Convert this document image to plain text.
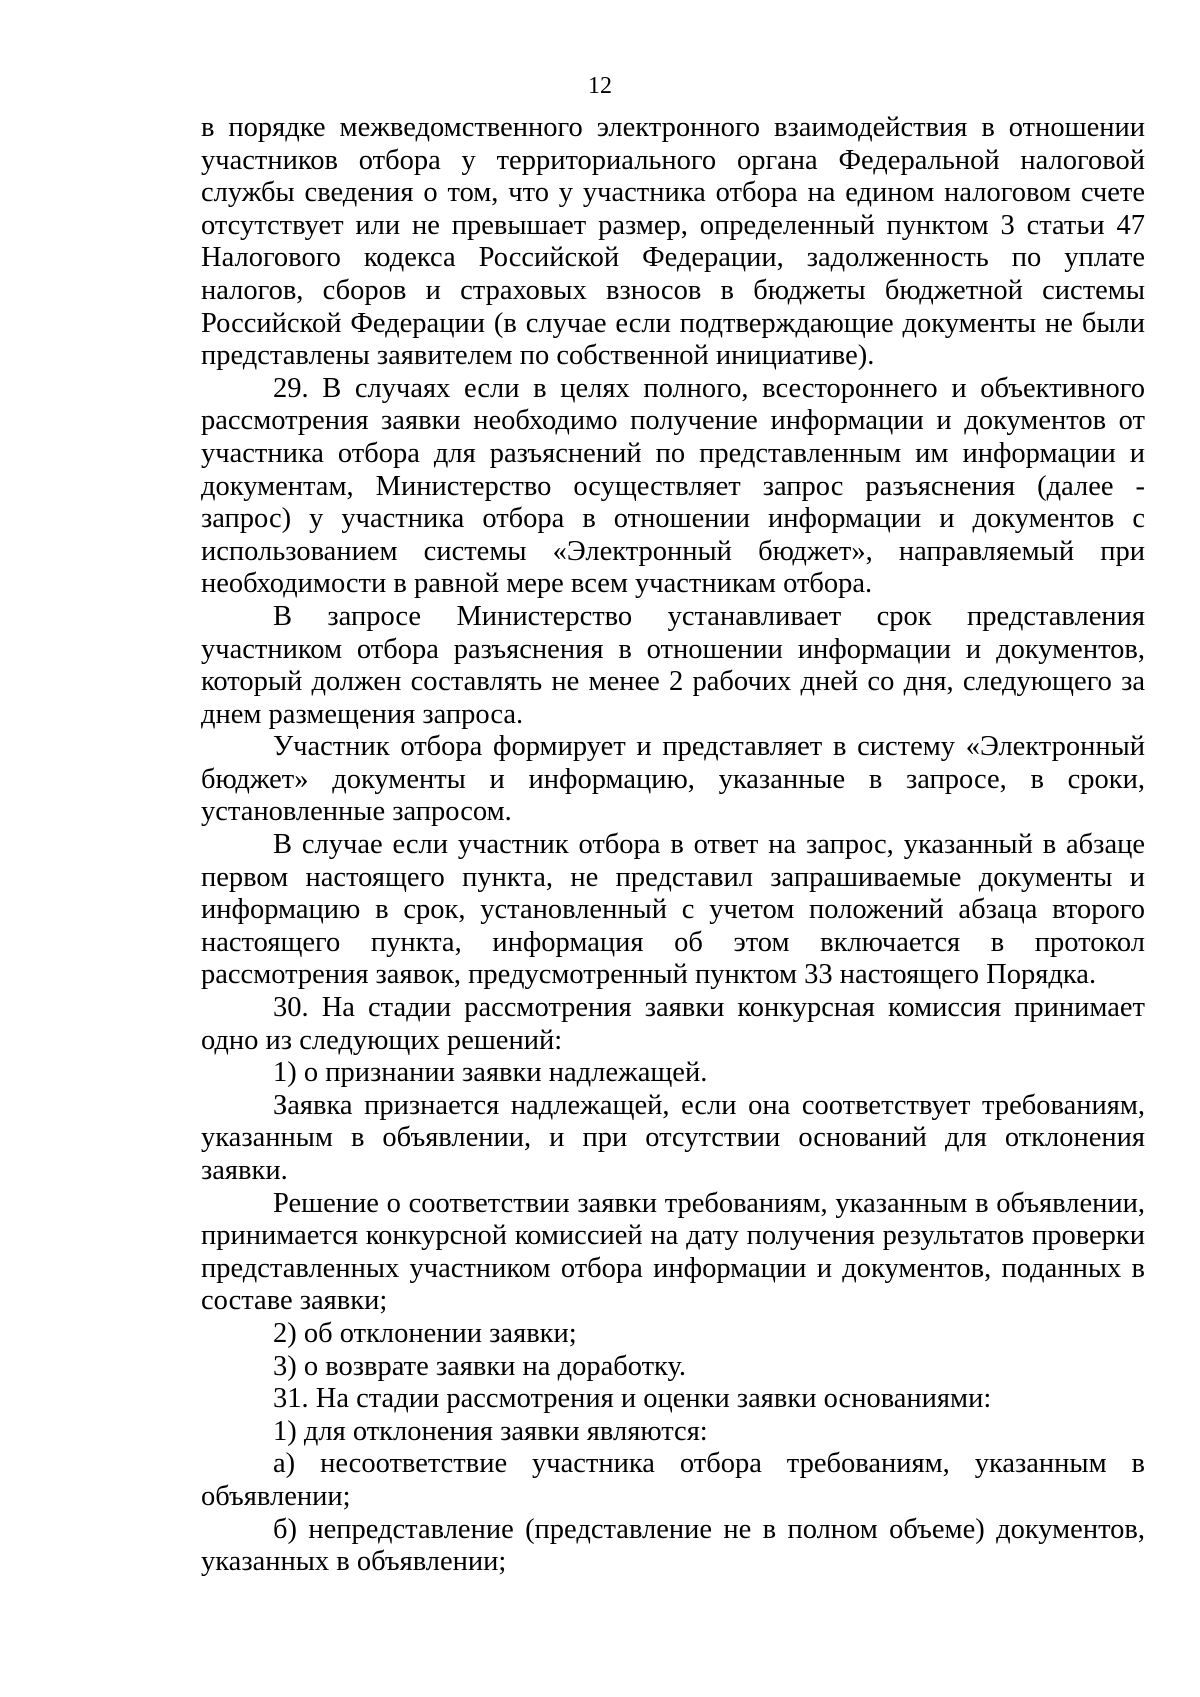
12

в порядке межведомственного электронного взаимодействия в отношении участников отбора у территориального органа Федеральной налоговой службы сведения о том, что у участника отбора на едином налоговом счете отсутствует или не превышает размер, определенный пунктом 3 статьи 47 Налогового кодекса Российской Федерации, задолженность по уплате налогов, сборов и страховых взносов в бюджеты бюджетной системы Российской Федерации (в случае если подтверждающие документы не были представлены заявителем по собственной инициативе).

29. В случаях если в целях полного, всестороннего и объективного рассмотрения заявки необходимо получение информации и документов от участника отбора для разъяснений по представленным им информации и документам, Министерство осуществляет запрос разъяснения (далее - запрос) у участника отбора в отношении информации и документов с использованием системы «Электронный бюджет», направляемый при необходимости в равной мере всем участникам отбора.

В запросе Министерство устанавливает срок представления участником отбора разъяснения в отношении информации и документов, который должен составлять не менее 2 рабочих дней со дня, следующего за днем размещения запроса.

Участник отбора формирует и представляет в систему «Электронный бюджет» документы и информацию, указанные в запросе, в сроки, установленные запросом.

В случае если участник отбора в ответ на запрос, указанный в абзаце первом настоящего пункта, не представил запрашиваемые документы и информацию в срок, установленный с учетом положений абзаца второго настоящего пункта, информация об этом включается в протокол рассмотрения заявок, предусмотренный пунктом 33 настоящего Порядка.

30. На стадии рассмотрения заявки конкурсная комиссия принимает одно из следующих решений:

1) о признании заявки надлежащей.

Заявка признается надлежащей, если она соответствует требованиям, указанным в объявлении, и при отсутствии оснований для отклонения заявки.

Решение о соответствии заявки требованиям, указанным в объявлении, принимается конкурсной комиссией на дату получения результатов проверки представленных участником отбора информации и документов, поданных в составе заявки;

2) об отклонении заявки;

3) о возврате заявки на доработку.

31. На стадии рассмотрения и оценки заявки основаниями:

1) для отклонения заявки являются:

а) несоответствие участника отбора требованиям, указанным в объявлении;

б) непредставление (представление не в полном объеме) документов, указанных в объявлении;
